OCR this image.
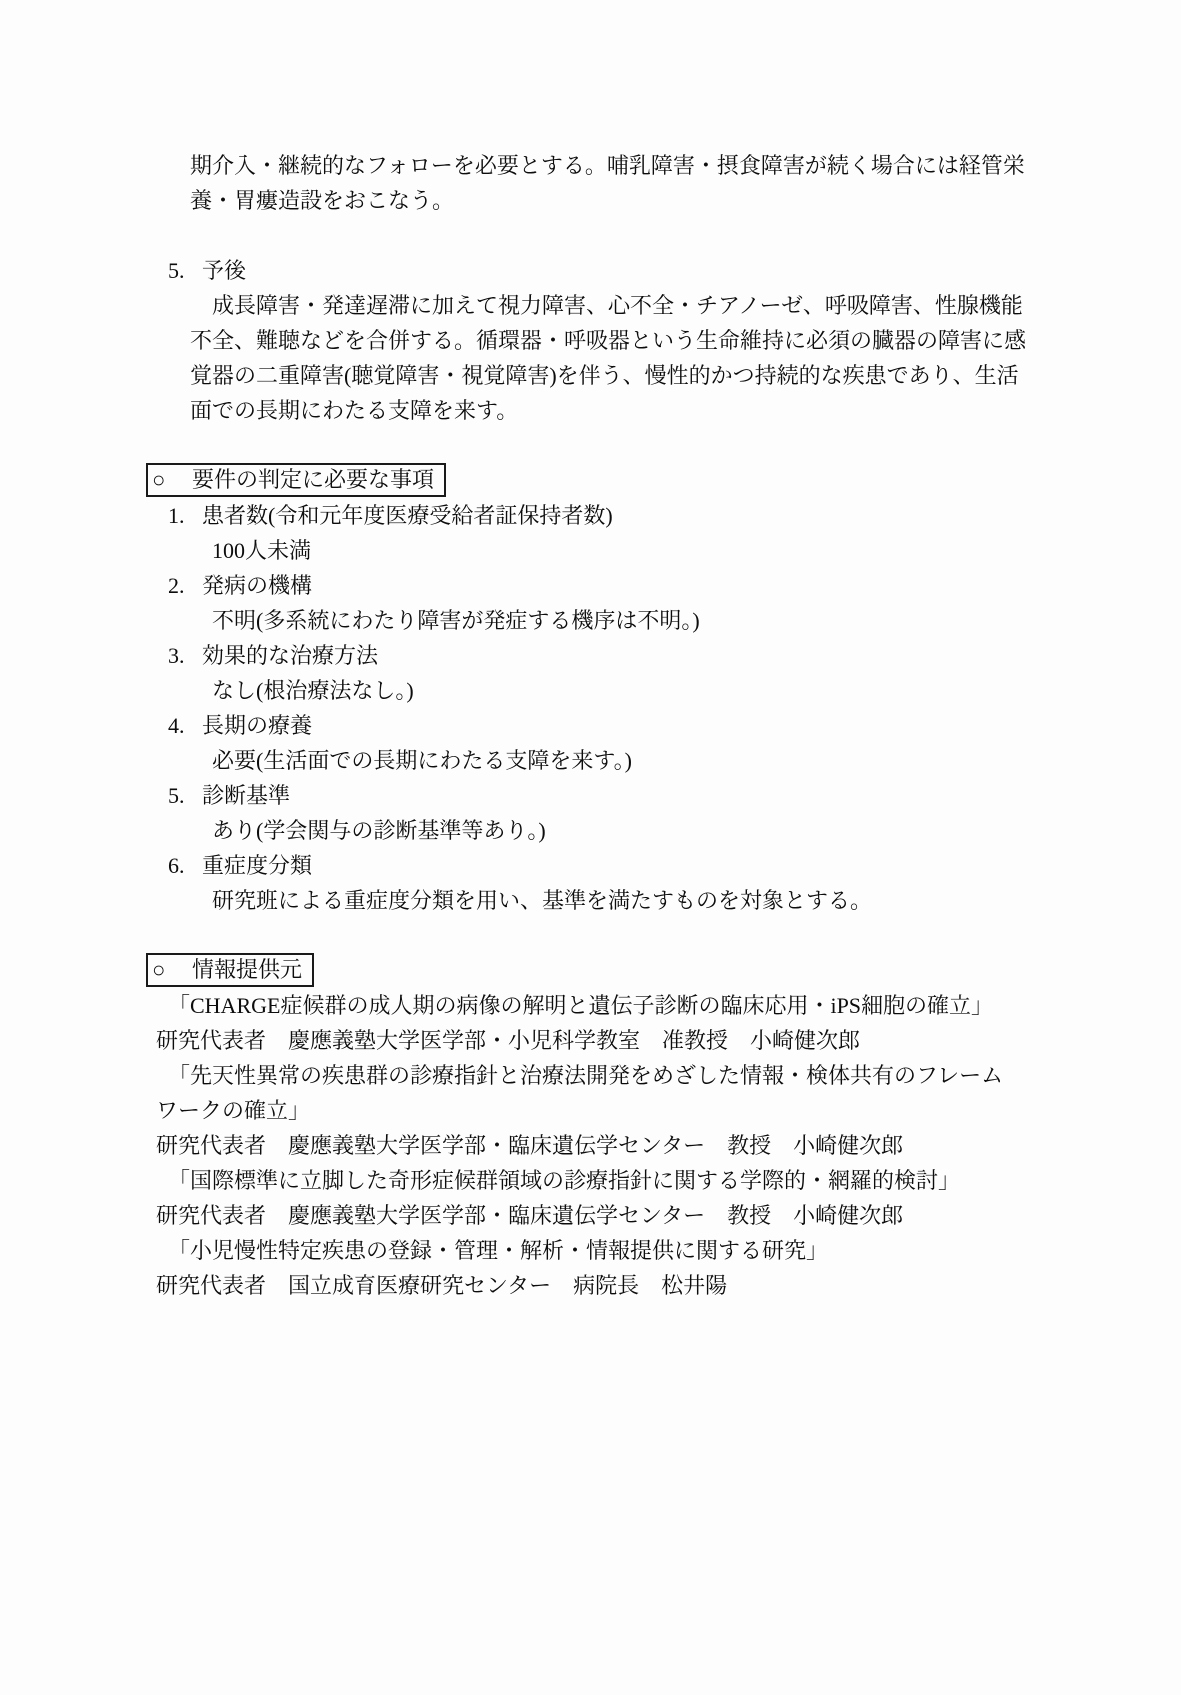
期介入・継続的なフォローを必要とする。哺乳障害・摂食障害が続く場合には経管栄
養・胃瘻造設をおこなう。
5. 予後
成長障害・発達遅滞に加えて視力障害、心不全・チアノーゼ、呼吸障害、性腺機能
不全、難聴などを合併する。循環器・呼吸器という生命維持に必須の臓器の障害に感
覚器の二重障害(聴覚障害・視覚障害)を伴う、慢性的かつ持続的な疾患であり、生活
面での長期にわたる支障を来す。
○ 要件の判定に必要な事項
1. 患者数(令和元年度医療受給者証保持者数)
100人未満
2. 発病の機構
不明(多系統にわたり障害が発症する機序は不明。)
3. 効果的な治療方法
なし(根治療法なし。)
4. 長期の療養
必要(生活面での長期にわたる支障を来す。)
5. 診断基準
あり(学会関与の診断基準等あり。)
6. 重症度分類
研究班による重症度分類を用い、基準を満たすものを対象とする。
○ 情報提供元
「CHARGE症候群の成人期の病像の解明と遺伝子診断の臨床応用・iPS細胞の確立」
研究代表者　慶應義塾大学医学部・小児科学教室　准教授　小崎健次郎
「先天性異常の疾患群の診療指針と治療法開発をめざした情報・検体共有のフレーム
ワークの確立」
研究代表者　慶應義塾大学医学部・臨床遺伝学センター　教授　小崎健次郎
「国際標準に立脚した奇形症候群領域の診療指針に関する学際的・網羅的検討」
研究代表者　慶應義塾大学医学部・臨床遺伝学センター　教授　小崎健次郎
「小児慢性特定疾患の登録・管理・解析・情報提供に関する研究」
研究代表者　国立成育医療研究センター　病院長　松井陽
